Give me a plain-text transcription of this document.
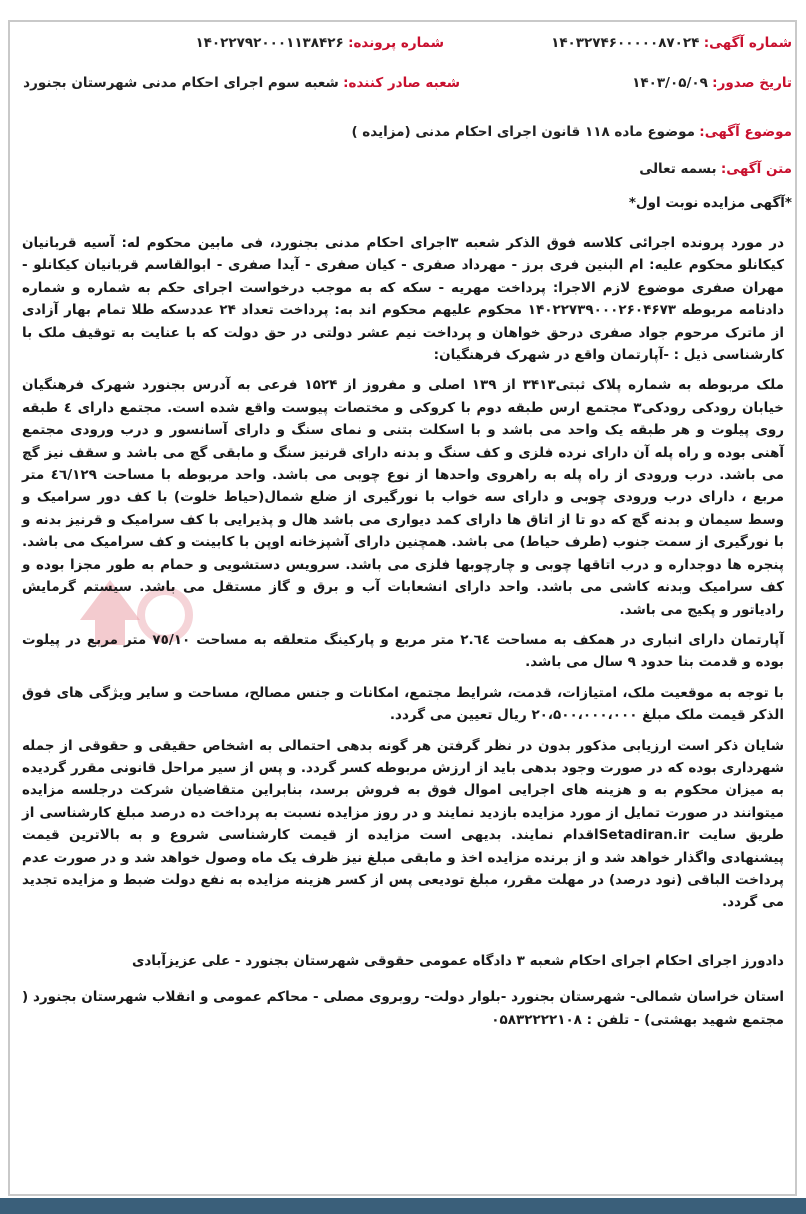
شماره آگهی: ۱۴۰۳۲۷۴۶۰۰۰۰۰۸۷۰۲۴
شماره پرونده: ۱۴۰۲۲۷۹۲۰۰۰۱۱۳۸۴۲۶
تاریخ صدور: ۱۴۰۳/۰۵/۰۹
شعبه صادر کننده: شعبه سوم اجرای احکام مدنی شهرستان بجنورد
موضوع آگهی: موضوع ماده ۱۱۸ قانون اجرای احکام مدنی (مزایده )
متن آگهی: بسمه تعالی
*آگهی مزایده نوبت اول*

در مورد پرونده اجرائی کلاسه فوق الذکر شعبه ۳اجرای احکام مدنی بجنورد، فی مابین محکوم له: آسیه قربانیان کیکانلو محکوم علیه: ام البنین فری برز - مهرداد صفری - کیان صفری - آیدا صفری - ابوالقاسم قربانیان کیکانلو - مهران صفری موضوع لازم الاجرا: پرداخت مهریه - سکه که به موجب درخواست اجرای حکم به شماره و شماره دادنامه مربوطه ۱۴۰۲۲۷۳۹۰۰۰۲۶۰۴۶۷۳ محکوم علیهم محکوم اند به: پرداخت تعداد ۲۴ عددسکه طلا تمام بهار آزادی از ماترک مرحوم جواد صفری درحق خواهان و پرداخت نیم عشر دولتی در حق دولت که با عنایت به توقیف ملک با کارشناسی ذیل : -آپارتمان واقع در شهرک فرهنگیان:

ملک مربوطه به شماره پلاک ثبتی۳۴۱۳ از ۱۳۹ اصلی و مفروز از ۱۵۲۴ فرعی به آدرس بجنورد شهرک فرهنگیان خیابان رودکی رودکی۳ مجتمع ارس طبقه دوم با کروکی و مختصات پیوست واقع شده است. مجتمع دارای ٤ طبقه روی پیلوت و هر طبقه یک واحد می باشد و با اسکلت بتنی و نمای سنگ و دارای آسانسور و درب ورودی مجتمع آهنی بوده و راه پله آن دارای نرده فلزی و کف سنگ و بدنه دارای قرنیز سنگ و مابقی گچ می باشد و سقف نیز گچ می باشد. درب ورودی از راه پله به راهروی واحدها از نوع چوبی می باشد. واحد مربوطه با مساحت ٤٦/۱۲۹ متر مربع ، دارای درب ورودی چوبی و دارای سه خواب با نورگیری از ضلع شمال(حیاط خلوت) با کف دور سرامیک و وسط سیمان و بدنه گچ که دو تا از اتاق ها دارای کمد دیواری می باشد هال و پذیرایی با کف سرامیک و قرنیز بدنه و با نورگیری از سمت جنوب (طرف حیاط) می باشد. همچنین دارای آشپزخانه اوپن با کابینت و کف سرامیک می باشد. پنجره ها دوجداره و درب اتاقها چوبی و چارچوبها فلزی می باشد. سرویس دستشویی و حمام به طور مجزا بوده و کف سرامیک وبدنه کاشی می باشد. واحد دارای انشعابات آب و برق و گاز مستقل می باشد. سیستم گرمایش رادیاتور و پکیج می باشد.

آپارتمان دارای انباری در همکف به مساحت ۲.٦٤ متر مربع و پارکینگ متعلقه به مساحت ۷٥/۱۰ متر مربع در پیلوت بوده و قدمت بنا حدود ۹ سال می باشد.

با توجه به موقعیت ملک، امتیازات، قدمت، شرایط مجتمع، امکانات و جنس مصالح، مساحت و سایر ویژگی های فوق الذکر قیمت ملک مبلغ ۲۰،۵۰۰،۰۰۰،۰۰۰ ریال تعیین می گردد.

شایان ذکر است ارزیابی مذکور بدون در نظر گرفتن هر گونه بدهی احتمالی به اشخاص حقیقی و حقوقی از جمله شهرداری بوده که در صورت وجود بدهی باید از ارزش مربوطه کسر گردد. و پس از سیر مراحل قانونی مقرر گردیده به میزان محکوم به و هزینه های اجرایی اموال فوق به فروش برسد، بنابراین متقاضیان شرکت درجلسه مزایده میتوانند در صورت تمایل از مورد مزایده بازدید نمایند و در روز مزایده نسبت به پرداخت ده درصد مبلغ کارشناسی از طریق سایت Setadiran.irاقدام نمایند. بدیهی است مزایده از قیمت کارشناسی شروع و به بالاترین قیمت پیشنهادی واگذار خواهد شد و از برنده مزایده اخذ و مابقی مبلغ نیز ظرف یک ماه وصول خواهد شد و در صورت عدم پرداخت الباقی (نود درصد) در مهلت مقرر، مبلغ تودیعی پس از کسر هزینه مزایده به نفع دولت ضبط و مزایده تجدید می گردد.

دادورز اجرای احکام اجرای احکام شعبه ۳ دادگاه عمومی حقوقی شهرستان بجنورد - علی عزیزآبادی

استان خراسان شمالی- شهرستان بجنورد -بلوار دولت- روبروی مصلی - محاکم عمومی و انقلاب شهرستان بجنورد ( مجتمع شهید بهشتی) - تلفن : ۰۵۸۳۲۲۲۲۱۰۸
